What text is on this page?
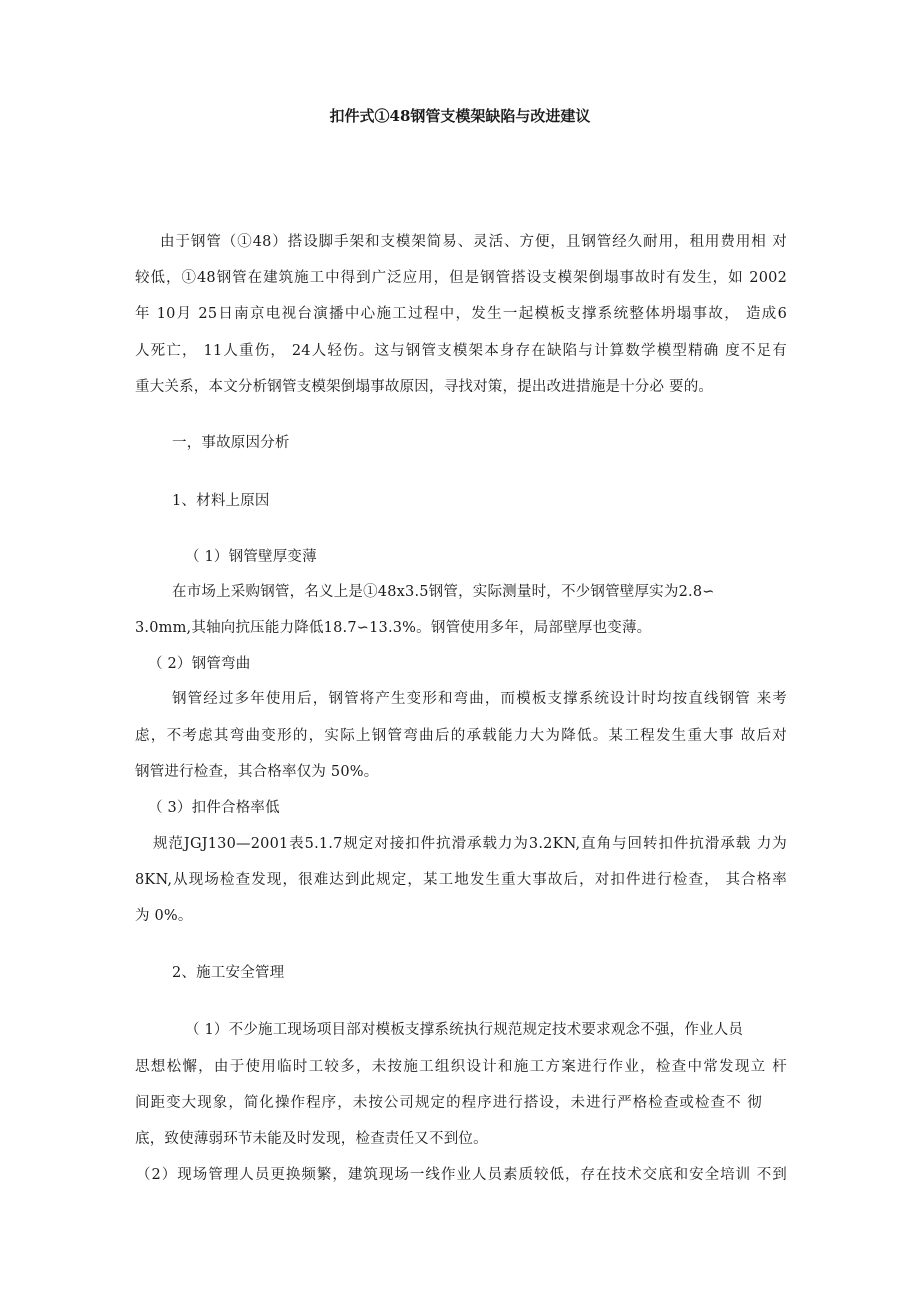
扣件式①48钢管支模架缺陷与改进建议
由于钢管（①48）搭设脚手架和支模架简易、灵活、方便，且钢管经久耐用，租用费用相 对
较低，①48钢管在建筑施工中得到广泛应用，但是钢管搭设支模架倒塌事故时有发生，如 2002
年 10月 25日南京电视台演播中心施工过程中，发生一起模板支撑系统整体坍塌事故， 造成6
人死亡， 11人重伤， 24人轻伤。这与钢管支模架本身存在缺陷与计算数学模型精确 度不足有
重大关系，本文分析钢管支模架倒塌事故原因，寻找对策，提出改进措施是十分必 要的。
一，事故原因分析
1、材料上原因
（ 1）钢管壁厚变薄
在市场上采购钢管，名义上是①48x3.5钢管，实际测量时，不少钢管壁厚实为2.8∽
3.0mm,其轴向抗压能力降低18.7∽13.3%。钢管使用多年，局部壁厚也变薄。
（ 2）钢管弯曲
钢管经过多年使用后，钢管将产生变形和弯曲，而模板支撑系统设计时均按直线钢管 来考
虑，不考虑其弯曲变形的，实际上钢管弯曲后的承载能力大为降低。某工程发生重大事 故后对
钢管进行检查，其合格率仅为 50%。
（ 3）扣件合格率低
规范JGJ130—2001表5.1.7规定对接扣件抗滑承载力为3.2KN,直角与回转扣件抗滑承载 力为
8KN,从现场检查发现，很难达到此规定，某工地发生重大事故后，对扣件进行检查， 其合格率
为 0%。
2、施工安全管理
（ 1）不少施工现场项目部对模板支撑系统执行规范规定技术要求观念不强，作业人员
思想松懈，由于使用临时工较多，未按施工组织设计和施工方案进行作业，检查中常发现立 杆
间距变大现象，简化操作程序，未按公司规定的程序进行搭设，未进行严格检查或检查不 彻
底，致使薄弱环节未能及时发现，检查责任又不到位。
（2）现场管理人员更换频繁，建筑现场一线作业人员素质较低，存在技术交底和安全培训 不到
